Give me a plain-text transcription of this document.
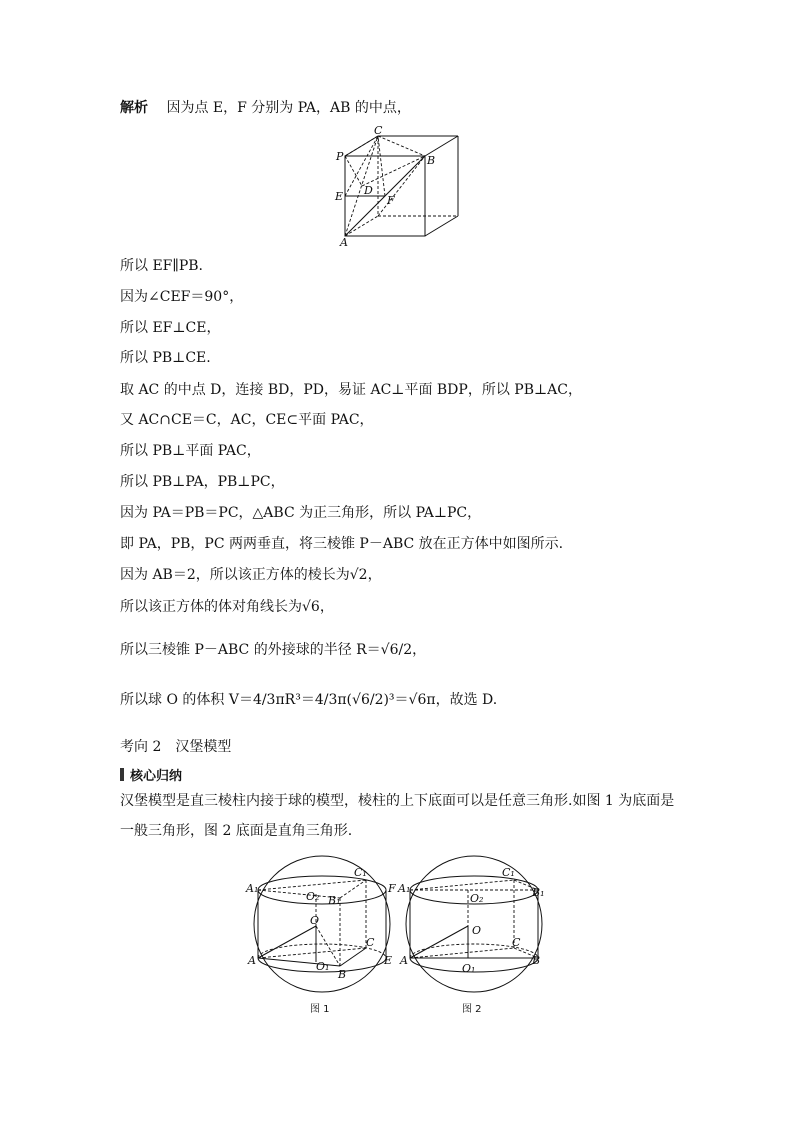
解析 因为点 E，F 分别为 PA，AB 的中点，
C
P	B
D
E	F
A
所以 EF∥PB.
因为∠CEF＝90°，
所以 EF⊥CE，
所以 PB⊥CE.
取 AC 的中点 D，连接 BD，PD，易证 AC⊥平面 BDP，所以 PB⊥AC，
又 AC∩CE＝C，AC，CE⊂平面 PAC，
所以 PB⊥平面 PAC，
所以 PB⊥PA，PB⊥PC，
因为 PA＝PB＝PC，△ABC 为正三角形，所以 PA⊥PC，
即 PA，PB，PC 两两垂直，将三棱锥 P－ABC 放在正方体中如图所示.
因为 AB＝2，所以该正方体的棱长为√2，
所以该正方体的体对角线长为√6，
所以三棱锥 P－ABC 的外接球的半径 R＝√6/2，
所以球 O 的体积 V＝4/3πR³＝4/3π(√6/2)³＝√6π，故选 D.
考向 2　汉堡模型
核心归纳
汉堡模型是直三棱柱内接于球的模型，棱柱的上下底面可以是任意三角形.如图 1 为底面是一般三角形，图 2 底面是直角三角形.
A₁
C₁
F
O₂ B₁
O
C
A	O₁
B
E
图 1
A₁
C₁
B₁
O₂
O
C
A
O₁
B
图 2
